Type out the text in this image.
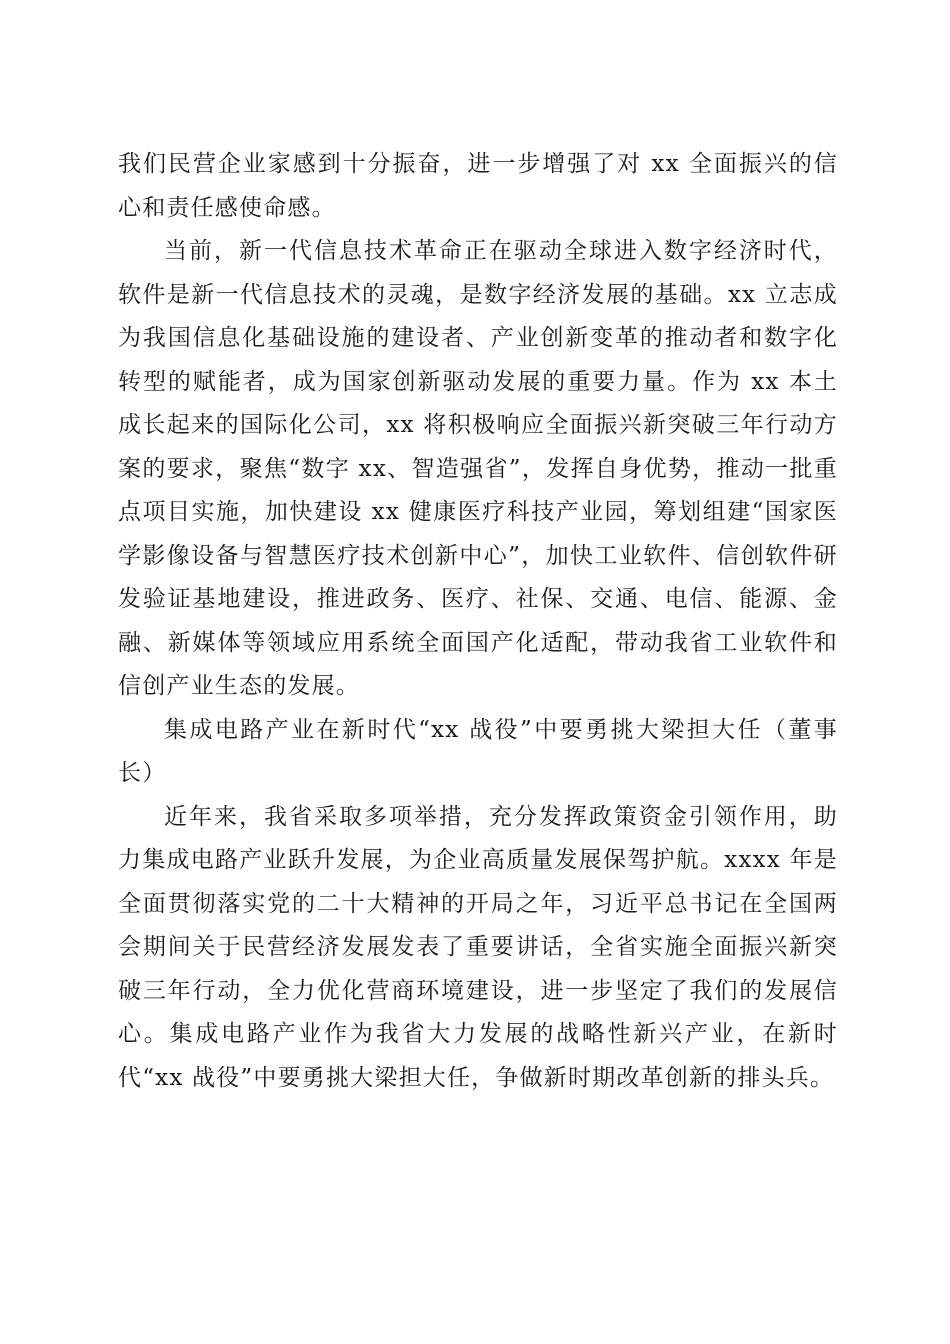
我们民营企业家感到十分振奋，进一步增强了对 xx 全面振兴的信心和责任感使命感。

当前，新一代信息技术革命正在驱动全球进入数字经济时代，软件是新一代信息技术的灵魂，是数字经济发展的基础。xx 立志成为我国信息化基础设施的建设者、产业创新变革的推动者和数字化转型的赋能者，成为国家创新驱动发展的重要力量。作为 xx 本土成长起来的国际化公司，xx 将积极响应全面振兴新突破三年行动方案的要求，聚焦“数字 xx、智造强省”，发挥自身优势，推动一批重点项目实施，加快建设 xx 健康医疗科技产业园，筹划组建“国家医学影像设备与智慧医疗技术创新中心”，加快工业软件、信创软件研发验证基地建设，推进政务、医疗、社保、交通、电信、能源、金融、新媒体等领域应用系统全面国产化适配，带动我省工业软件和信创产业生态的发展。

集成电路产业在新时代“xx 战役”中要勇挑大梁担大任（董事长）

近年来，我省采取多项举措，充分发挥政策资金引领作用，助力集成电路产业跃升发展，为企业高质量发展保驾护航。xxxx 年是全面贯彻落实党的二十大精神的开局之年，习近平总书记在全国两会期间关于民营经济发展发表了重要讲话，全省实施全面振兴新突破三年行动，全力优化营商环境建设，进一步坚定了我们的发展信心。集成电路产业作为我省大力发展的战略性新兴产业，在新时代“xx 战役”中要勇挑大梁担大任，争做新时期改革创新的排头兵。
